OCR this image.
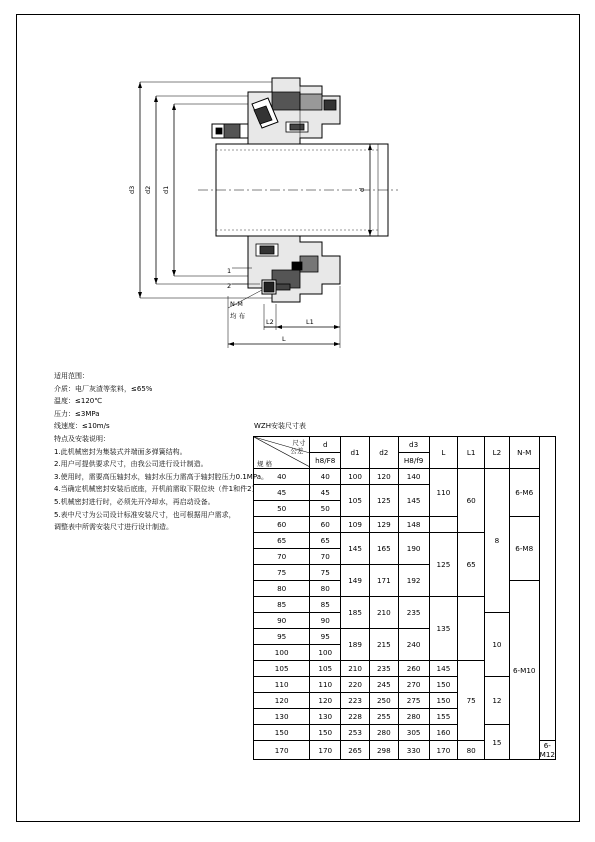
d3 d2 d1	d
1
2
N-M
均 布
L2	L1
L
适用范围：
介质：电厂灰渣等浆料，≤65%
温度：≤120℃
压力：≤3MPa
线速度：≤10m/s
特点及安装说明：
1.此机械密封为集装式并端面多弹簧结构。
2.用户可提供要求尺寸，由我公司进行设计制造。
3.使用时，需要高压轴封水，轴封水压力需高于轴封腔压力0.1MPa。
4.当确定机械密封安装后底座，开机前需取下限位块（件1和件2）
5.机械密封进行时，必须先开冷却水，再启动设备。
5.表中尺寸为公司设计标准安装尺寸，也可根据用户需求，
调整表中所需安装尺寸进行设计制造。
WZH安装尺寸表
尺寸
公差
规 格	d	d1	d2	d3	L	L1	L2	N-M	
	h8/F8			H8/f9					
40	40	100	120	140	110	60	8	6-M6	
45	45	105	125	145					
50	50								
60	60	109	129	148				6-M8	
65	65	145	165	190	125	65			
70	70								
75	75	149	171	192					
80	80							6-M10	
85	85	185	210	235	135				
90	90						10		
95	95	189	215	240					
100	100								
105	105	210	235	260	145	75			
110	110	220	245	270	150		12		
120	120	223	250	275	150				
130	130	228	255	280	155				
150	150	253	280	305	160		15		
170	170	265	298	330	170	80			6-M12
